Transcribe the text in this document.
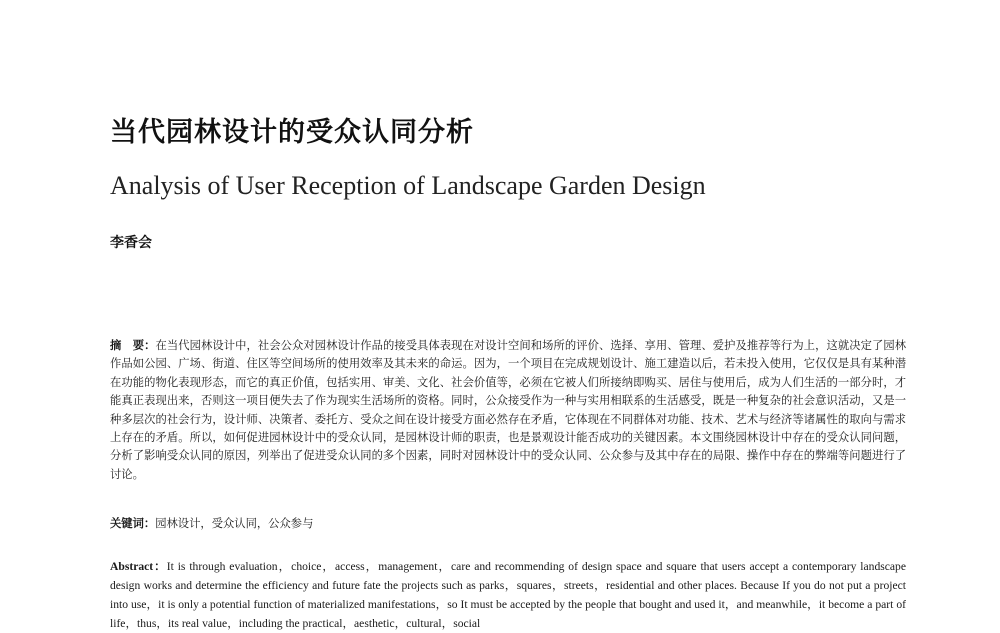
当代园林设计的受众认同分析
Analysis of User Reception of Landscape Garden Design
李香会
摘　要：在当代园林设计中，社会公众对园林设计作品的接受具体表现在对设计空间和场所的评价、选择、享用、管理、爱护及推荐等行为上，这就决定了园林作品如公园、广场、街道、住区等空间场所的使用效率及其未来的命运。因为，一个项目在完成规划设计、施工建造以后，若未投入使用，它仅仅是具有某种潜在功能的物化表现形态，而它的真正价值，包括实用、审美、文化、社会价值等，必须在它被人们所接纳即购买、居住与使用后，成为人们生活的一部分时，才能真正表现出来，否则这一项目便失去了作为现实生活场所的资格。同时，公众接受作为一种与实用相联系的生活感受，既是一种复杂的社会意识活动，又是一种多层次的社会行为，设计师、决策者、委托方、受众之间在设计接受方面必然存在矛盾，它体现在不同群体对功能、技术、艺术与经济等诸属性的取向与需求上存在的矛盾。所以，如何促进园林设计中的受众认同，是园林设计师的职责，也是景观设计能否成功的关键因素。本文围绕园林设计中存在的受众认同问题，分析了影响受众认同的原因，列举出了促进受众认同的多个因素，同时对园林设计中的受众认同、公众参与及其中存在的局限、操作中存在的弊端等问题进行了讨论。
关键词：园林设计，受众认同，公众参与
Abstract：It is through evaluation，choice，access，management，care and recommending of design space and square that users accept a contemporary landscape design works and determine the efficiency and future fate the projects such as parks，squares，streets，residential and other places. Because If you do not put a project into use，it is only a potential function of materialized manifestations，so It must be accepted by the people that bought and used it，and meanwhile，it become a part of life，thus，its real value，including the practical，aesthetic，cultural，social
